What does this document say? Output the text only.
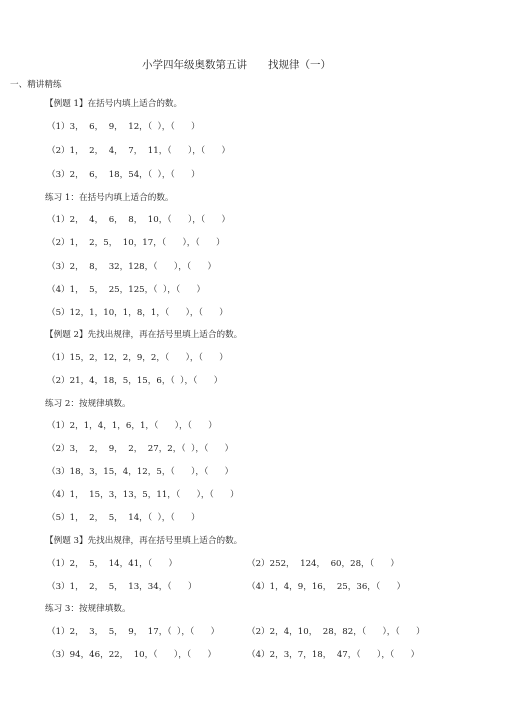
小学四年级奥数第五讲　　找规律（一）
一、精讲精练
【例题 1】在括号内填上适合的数。
（1）3，  6，  9，  12，（  ），（      ）
（2）1，  2，  4，  7，  11，（      ），（      ）
（3）2，  6，  18，54，（  ），（      ）
练习 1：在括号内填上适合的数。
（1）2，  4，  6，  8，  10，（      ），（      ）
（2）1，  2，5，  10，17，（      ），（      ）
（3）2，  8，  32，128，（      ），（      ）
（4）1，  5，  25，125，（  ），（      ）
（5）12，1，10，1，8，1，（      ），（      ）
【例题 2】先找出规律，再在括号里填上适合的数。
（1）15，2，12，2，9，2，（      ），（      ）
（2）21，4，18，5，15，6，（  ），（      ）
练习 2：按规律填数。
（1）2，1，4，1，6，1，（      ），（      ）
（2）3，  2，  9，  2，  27，2，（  ），（      ）
（3）18，3，15，4，12，5，（      ），（      ）
（4）1，  15，3，13，5，11，（      ），（      ）
（5）1，  2，  5，  14，（  ），（      ）
【例题 3】先找出规律，再在括号里填上适合的数。
（1）2，  5，  14，41，（      ）	（2）252，  124，  60，28，（      ）
（3）1，  2，  5，  13，34，（      ）	（4）1，4，9，16，  25，36，（      ）
练习 3：按规律填数。
（1）2，  3，  5，  9，  17，（  ），（      ）	（2）2，4，10，  28，82，（      ），（      ）
（3）94，46，22，  10，（      ），（      ）	（4）2，3，7，18，  47，（      ），（      ）
